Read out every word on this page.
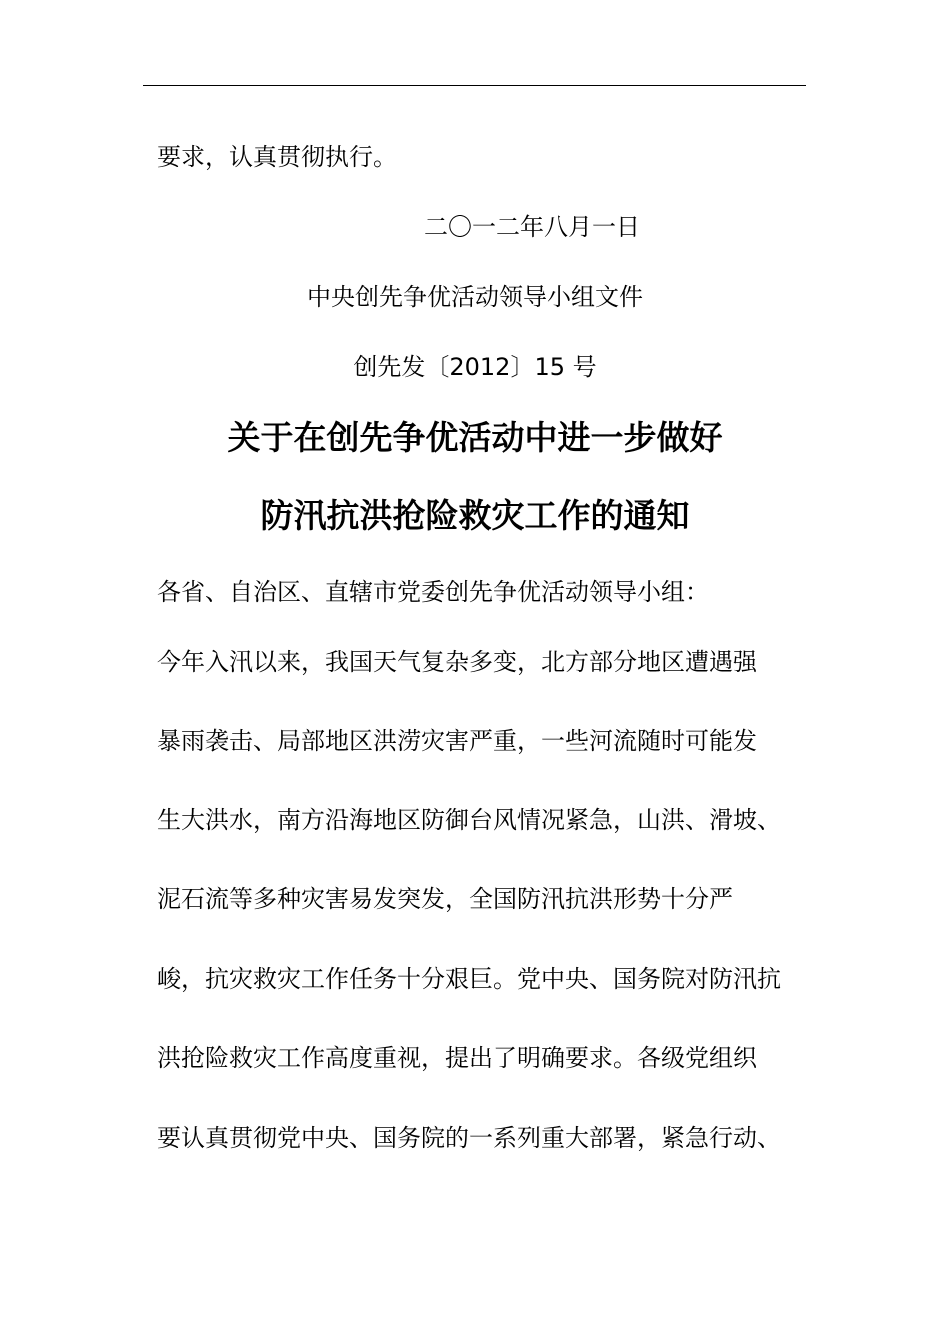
要求，认真贯彻执行。
二〇一二年八月一日
中央创先争优活动领导小组文件
创先发〔2012〕15 号
关于在创先争优活动中进一步做好
防汛抗洪抢险救灾工作的通知
各省、自治区、直辖市党委创先争优活动领导小组：
今年入汛以来，我国天气复杂多变，北方部分地区遭遇强
暴雨袭击、局部地区洪涝灾害严重，一些河流随时可能发
生大洪水，南方沿海地区防御台风情况紧急，山洪、滑坡、
泥石流等多种灾害易发突发，全国防汛抗洪形势十分严
峻，抗灾救灾工作任务十分艰巨。党中央、国务院对防汛抗
洪抢险救灾工作高度重视，提出了明确要求。各级党组织
要认真贯彻党中央、国务院的一系列重大部署，紧急行动、
